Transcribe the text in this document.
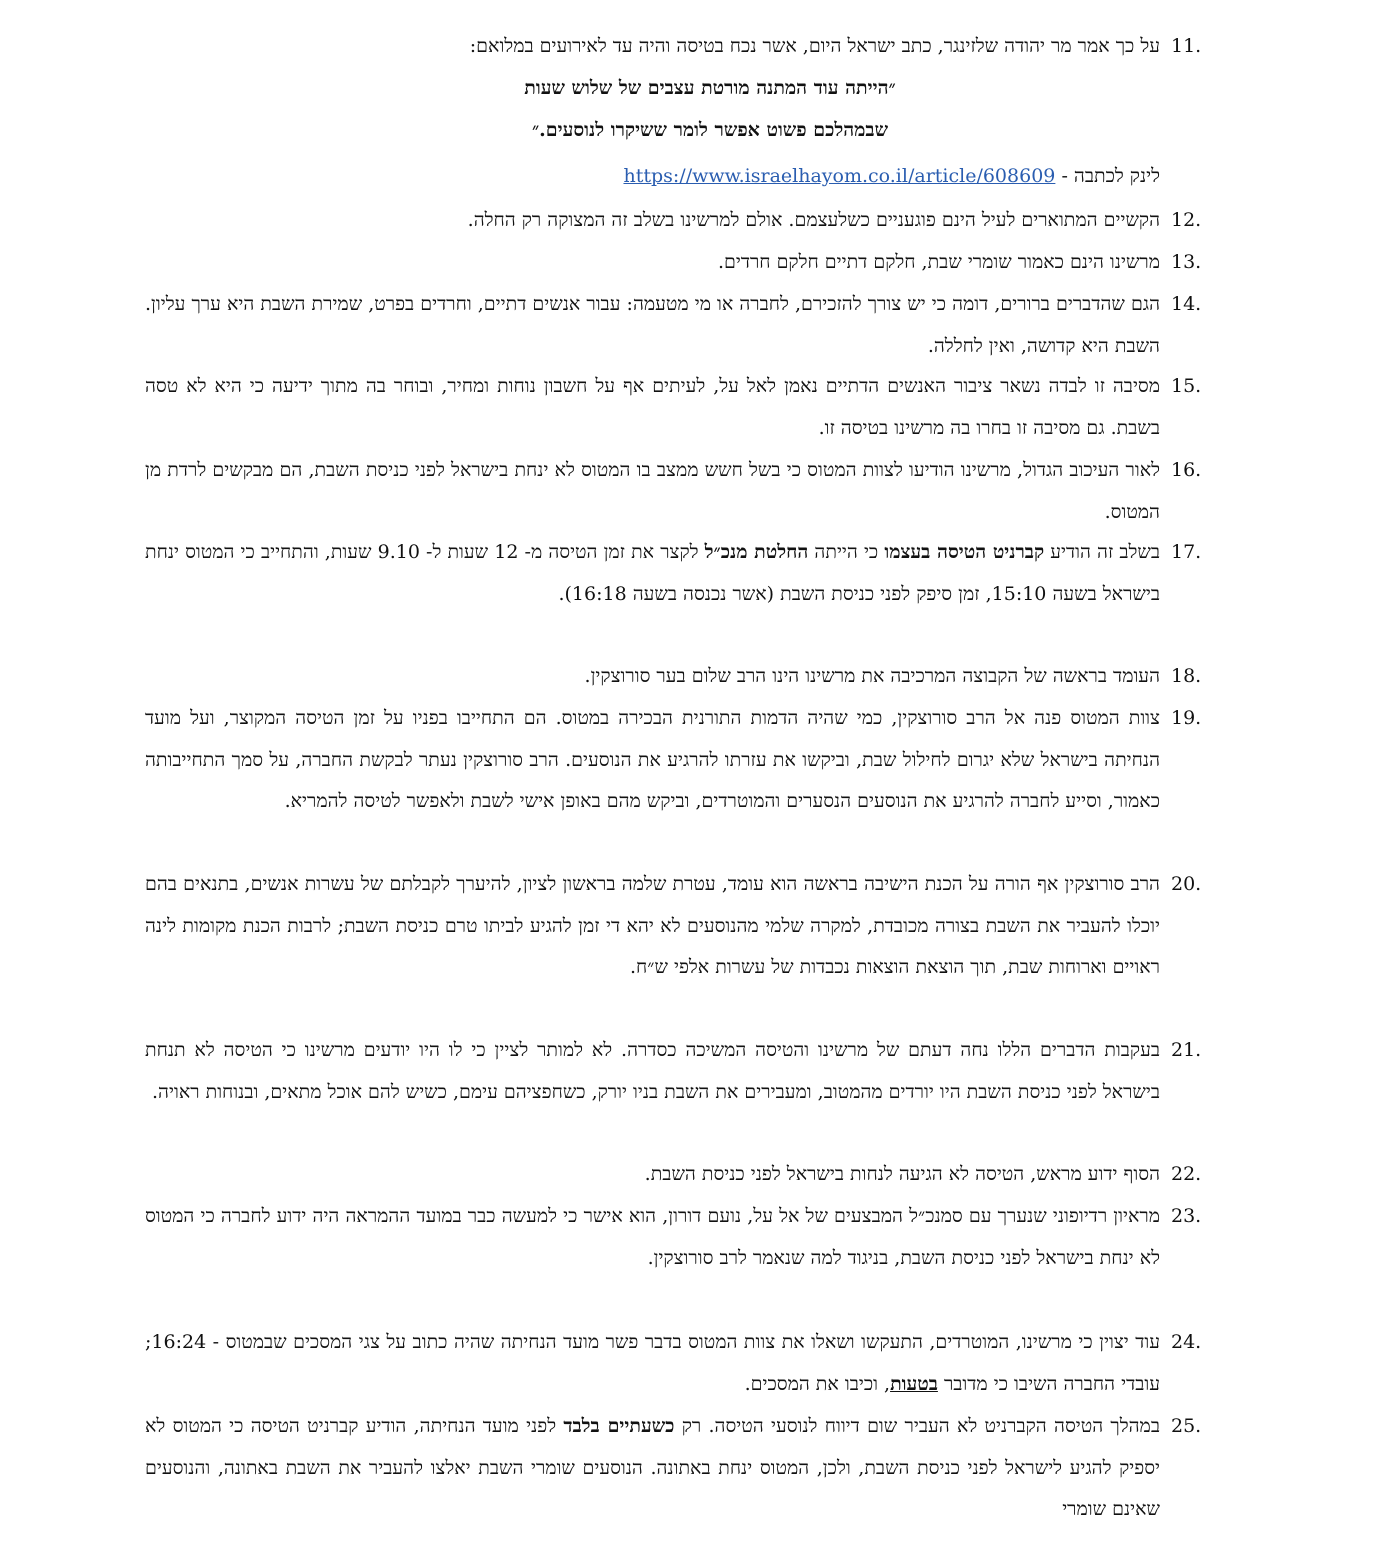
11.
על כך אמר מר יהודה שלזינגר, כתב ישראל היום, אשר נכח בטיסה והיה עד לאירועים במלואם:
״הייתה עוד המתנה מורטת עצבים של שלוש שעות
שבמהלכם פשוט אפשר לומר ששיקרו לנוסעים.״
לינק לכתבה - https://www.israelhayom.co.il/article/608609
12.
הקשיים המתוארים לעיל הינם פוגעניים כשלעצמם. אולם למרשינו בשלב זה המצוקה רק החלה.
13.
מרשינו הינם כאמור שומרי שבת, חלקם דתיים חלקם חרדים.
14.
הגם שהדברים ברורים, דומה כי יש צורך להזכירם, לחברה או מי מטעמה: עבור אנשים דתיים, וחרדים בפרט, שמירת השבת היא ערך עליון. השבת היא קדושה, ואין לחללה.
15.
מסיבה זו לבדה נשאר ציבור האנשים הדתיים נאמן לאל על, לעיתים אף על חשבון נוחות ומחיר, ובוחר בה מתוך ידיעה כי היא לא טסה בשבת. גם מסיבה זו בחרו בה מרשינו בטיסה זו.
16.
לאור העיכוב הגדול, מרשינו הודיעו לצוות המטוס כי בשל חשש ממצב בו המטוס לא ינחת בישראל לפני כניסת השבת, הם מבקשים לרדת מן המטוס.
17.
בשלב זה הודיע קברניט הטיסה בעצמו כי הייתה החלטת מנכ״ל לקצר את זמן הטיסה מ- 12 שעות ל- 9.10 שעות, והתחייב כי המטוס ינחת בישראל בשעה 15:10, זמן סיפק לפני כניסת השבת (אשר נכנסה בשעה 16:18).
18.
העומד בראשה של הקבוצה המרכיבה את מרשינו הינו הרב שלום בער סורוצקין.
19.
צוות המטוס פנה אל הרב סורוצקין, כמי שהיה הדמות התורנית הבכירה במטוס. הם התחייבו בפניו על זמן הטיסה המקוצר, ועל מועד הנחיתה בישראל שלא יגרום לחילול שבת, וביקשו את עזרתו להרגיע את הנוסעים. הרב סורוצקין נעתר לבקשת החברה, על סמך התחייבותה כאמור, וסייע לחברה להרגיע את הנוסעים הנסערים והמוטרדים, וביקש מהם באופן אישי לשבת ולאפשר לטיסה להמריא.
20.
הרב סורוצקין אף הורה על הכנת הישיבה בראשה הוא עומד, עטרת שלמה בראשון לציון, להיערך לקבלתם של עשרות אנשים, בתנאים בהם יוכלו להעביר את השבת בצורה מכובדת, למקרה שלמי מהנוסעים לא יהא די זמן להגיע לביתו טרם כניסת השבת; לרבות הכנת מקומות לינה ראויים וארוחות שבת, תוך הוצאת הוצאות נכבדות של עשרות אלפי ש״ח.
21.
בעקבות הדברים הללו נחה דעתם של מרשינו והטיסה המשיכה כסדרה. לא למותר לציין כי לו היו יודעים מרשינו כי הטיסה לא תנחת בישראל לפני כניסת השבת היו יורדים מהמטוב, ומעבירים את השבת בניו יורק, כשחפציהם עימם, כשיש להם אוכל מתאים, ובנוחות ראויה.
22.
הסוף ידוע מראש, הטיסה לא הגיעה לנחות בישראל לפני כניסת השבת.
23.
מראיון רדיופוני שנערך עם סמנכ״ל המבצעים של אל על, נועם דורון, הוא אישר כי למעשה כבר במועד ההמראה היה ידוע לחברה כי המטוס לא ינחת בישראל לפני כניסת השבת, בניגוד למה שנאמר לרב סורוצקין.
24.
עוד יצוין כי מרשינו, המוטרדים, התעקשו ושאלו את צוות המטוס בדבר פשר מועד הנחיתה שהיה כתוב על צגי המסכים שבמטוס - 16:24; עובדי החברה השיבו כי מדובר בטעות, וכיבו את המסכים.
25.
במהלך הטיסה הקברניט לא העביר שום דיווח לנוסעי הטיסה. רק כשעתיים בלבד לפני מועד הנחיתה, הודיע קברניט הטיסה כי המטוס לא יספיק להגיע לישראל לפני כניסת השבת, ולכן, המטוס ינחת באתונה. הנוסעים שומרי השבת יאלצו להעביר את השבת באתונה, והנוסעים שאינם שומרי
